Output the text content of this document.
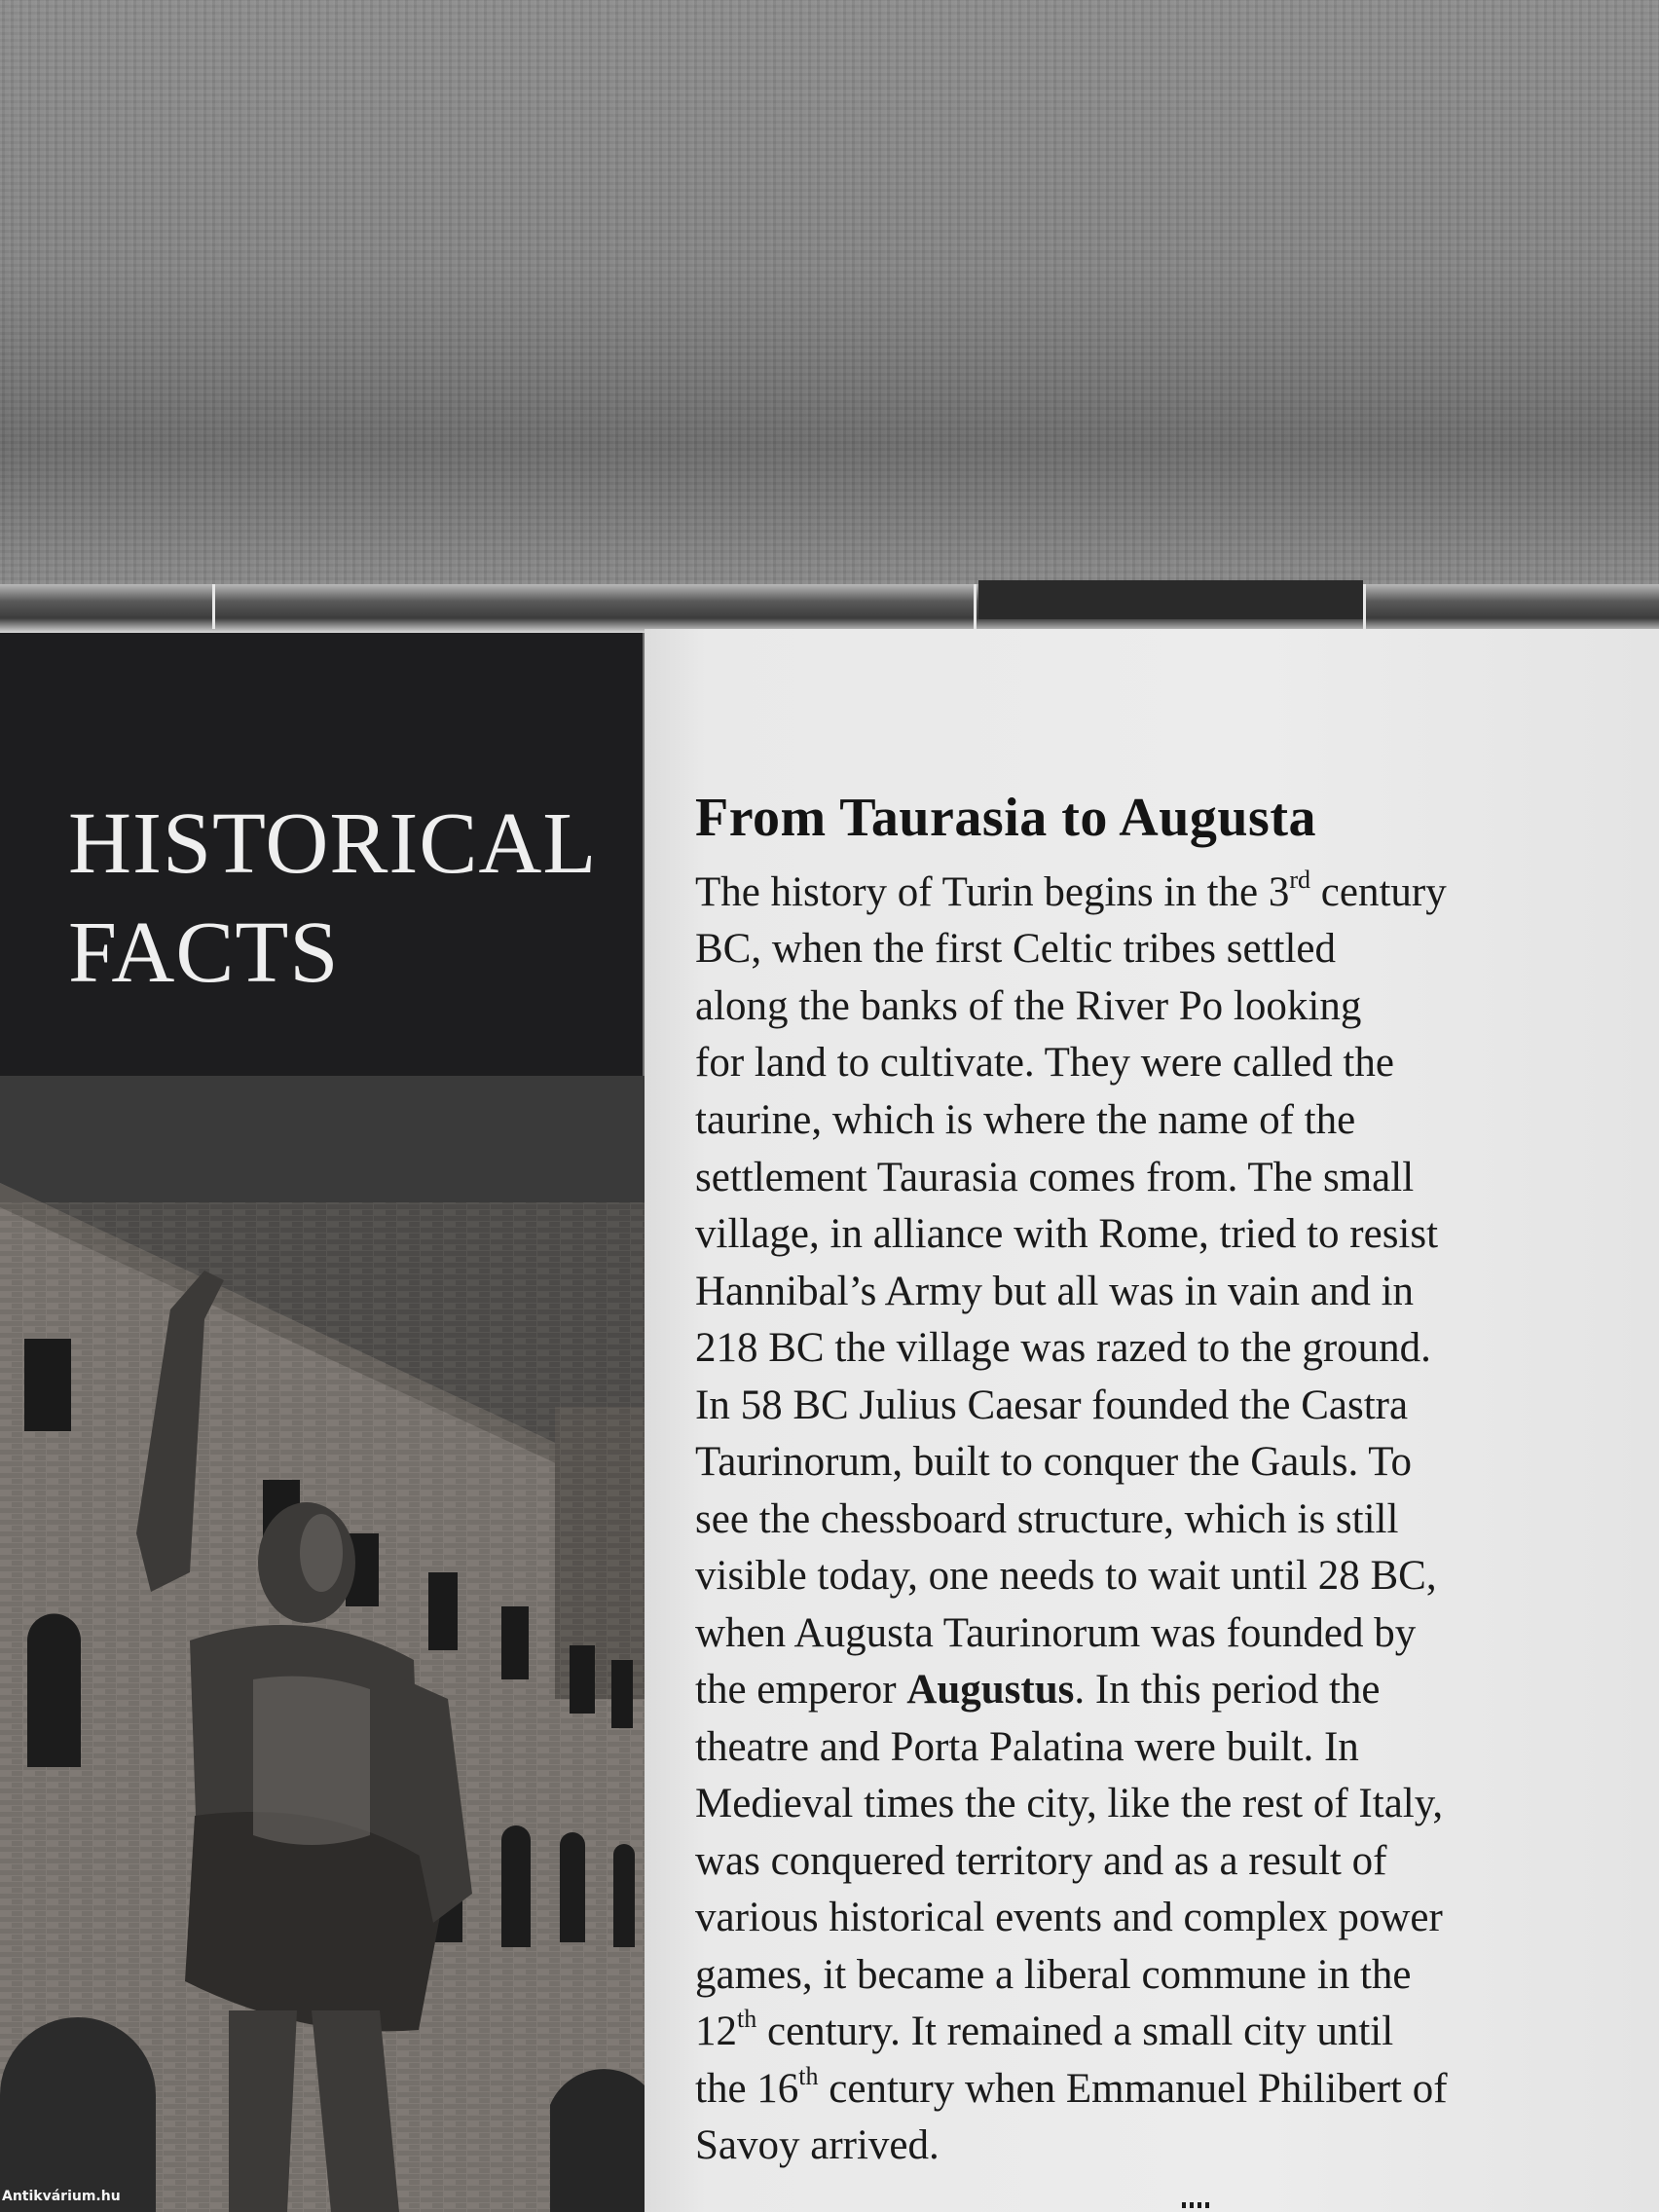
HISTORICAL
FACTS
From Taurasia to Augusta
The history of Turin begins in the 3rd century
BC, when the first Celtic tribes settled
along the banks of the River Po looking
for land to cultivate. They were called the
taurine, which is where the name of the
settlement Taurasia comes from. The small
village, in alliance with Rome, tried to resist
Hannibal’s Army but all was in vain and in
218 BC the village was razed to the ground.
In 58 BC Julius Caesar founded the Castra
Taurinorum, built to conquer the Gauls. To
see the chessboard structure, which is still
visible today, one needs to wait until 28 BC,
when Augusta Taurinorum was founded by
the emperor Augustus. In this period the
theatre and Porta Palatina were built. In
Medieval times the city, like the rest of Italy,
was conquered territory and as a result of
various historical events and complex power
games, it became a liberal commune in the
12th century. It remained a small city until
the 16th century when Emmanuel Philibert of
Savoy arrived.
Antikvárium.hu
